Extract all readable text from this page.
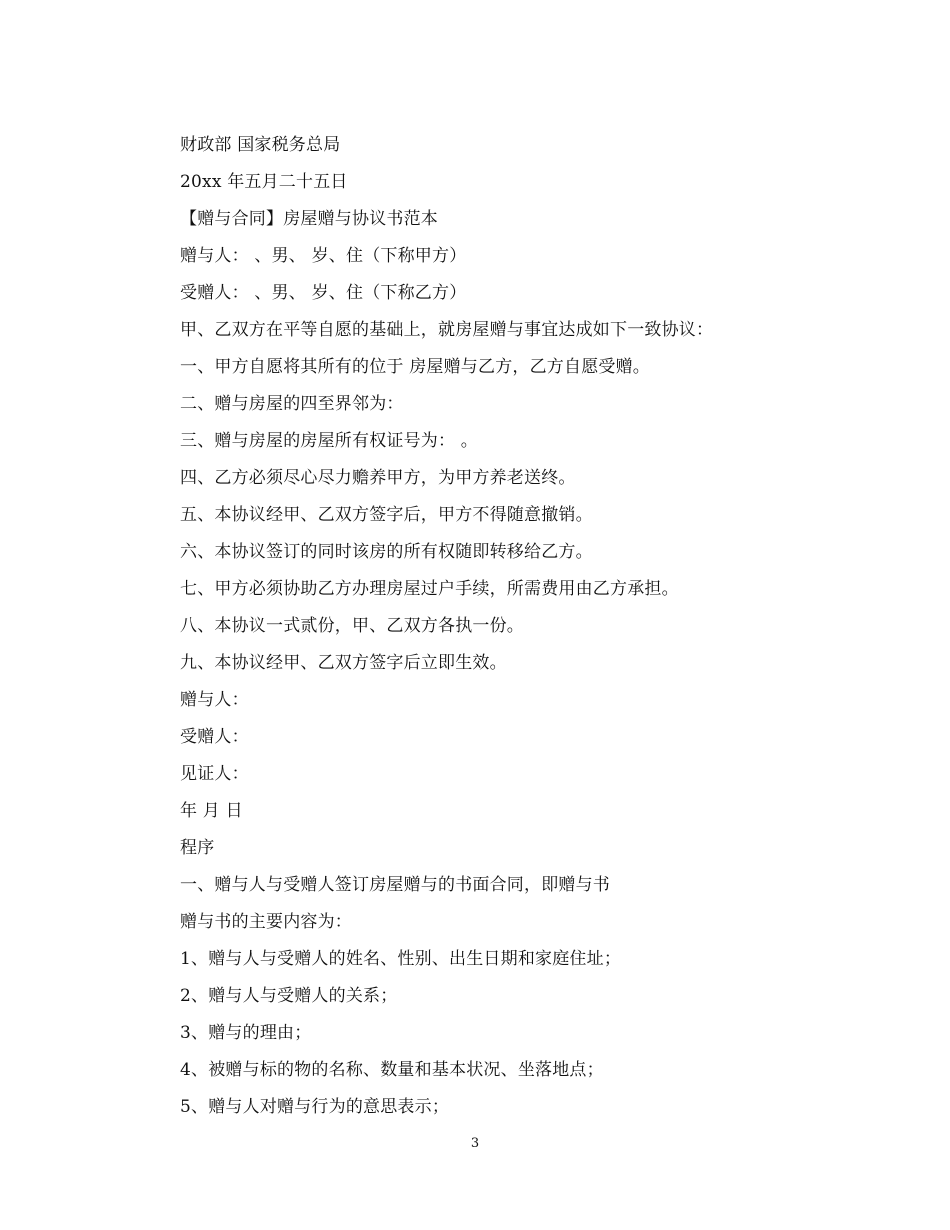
财政部 国家税务总局
20xx 年五月二十五日
【赠与合同】房屋赠与协议书范本
赠与人： 、男、 岁、住（下称甲方）
受赠人： 、男、 岁、住（下称乙方）
甲、乙双方在平等自愿的基础上，就房屋赠与事宜达成如下一致协议：
一、甲方自愿将其所有的位于 房屋赠与乙方，乙方自愿受赠。
二、赠与房屋的四至界邻为：
三、赠与房屋的房屋所有权证号为： 。
四、乙方必须尽心尽力赡养甲方，为甲方养老送终。
五、本协议经甲、乙双方签字后，甲方不得随意撤销。
六、本协议签订的同时该房的所有权随即转移给乙方。
七、甲方必须协助乙方办理房屋过户手续，所需费用由乙方承担。
八、本协议一式贰份，甲、乙双方各执一份。
九、本协议经甲、乙双方签字后立即生效。
赠与人：
受赠人：
见证人：
年 月 日
程序
一、赠与人与受赠人签订房屋赠与的书面合同，即赠与书
赠与书的主要内容为：
1、赠与人与受赠人的姓名、性别、出生日期和家庭住址；
2、赠与人与受赠人的关系；
3、赠与的理由；
4、被赠与标的物的名称、数量和基本状况、坐落地点；
5、赠与人对赠与行为的意思表示；
3
